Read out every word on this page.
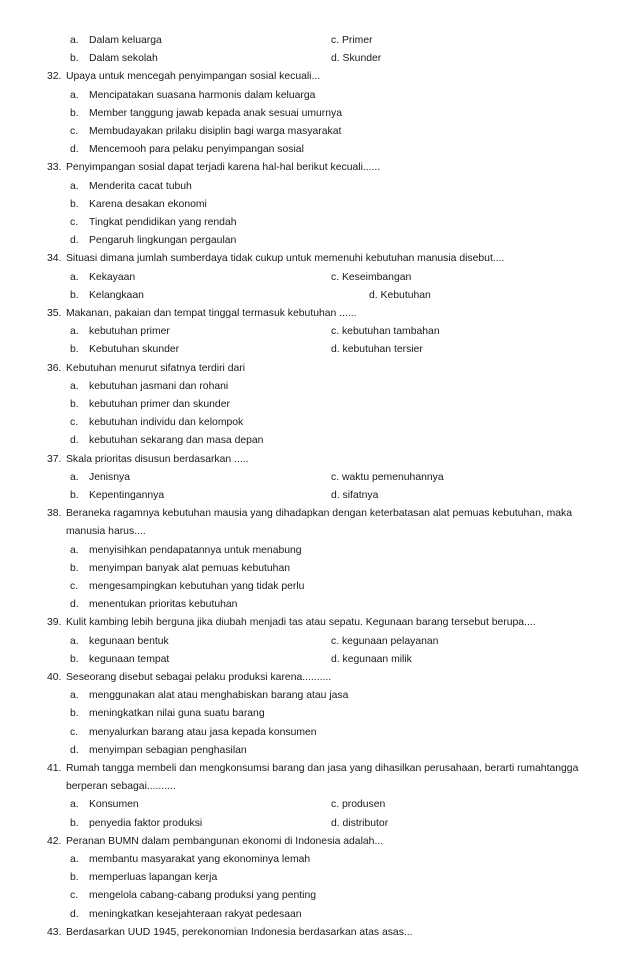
a. Dalam keluarga	c. Primer
b. Dalam sekolah	d. Skunder
32. Upaya untuk mencegah penyimpangan sosial kecuali...
a. Mencipatakan suasana harmonis dalam keluarga
b. Member tanggung jawab kepada anak sesuai umurnya
c. Membudayakan prilaku disiplin bagi warga masyarakat
d. Mencemooh para pelaku penyimpangan sosial
33. Penyimpangan sosial dapat terjadi karena hal-hal berikut kecuali......
a. Menderita cacat tubuh
b. Karena desakan ekonomi
c. Tingkat pendidikan yang rendah
d. Pengaruh lingkungan pergaulan
34. Situasi dimana jumlah sumberdaya tidak cukup untuk memenuhi kebutuhan manusia disebut....
a. Kekayaan	c. Keseimbangan
b. Kelangkaan	d. Kebutuhan
35. Makanan, pakaian dan tempat tinggal termasuk kebutuhan ......
a. kebutuhan primer	c. kebutuhan tambahan
b. Kebutuhan skunder	d. kebutuhan tersier
36. Kebutuhan menurut sifatnya terdiri dari
a. kebutuhan jasmani dan rohani
b. kebutuhan primer dan skunder
c. kebutuhan individu dan kelompok
d. kebutuhan sekarang dan masa depan
37. Skala prioritas disusun berdasarkan .....
a. Jenisnya	c. waktu pemenuhannya
b. Kepentingannya	d. sifatnya
38. Beraneka ragamnya kebutuhan mausia yang dihadapkan dengan keterbatasan alat pemuas kebutuhan, maka
manusia harus....
a. menyisihkan pendapatannya untuk menabung
b. menyimpan banyak alat pemuas kebutuhan
c. mengesampingkan kebutuhan yang tidak perlu
d. menentukan prioritas kebutuhan
39. Kulit kambing lebih berguna jika diubah menjadi tas atau sepatu. Kegunaan barang tersebut berupa....
a. kegunaan bentuk	c. kegunaan pelayanan
b. kegunaan tempat	d. kegunaan milik
40. Seseorang disebut sebagai pelaku produksi karena..........
a. menggunakan alat atau menghabiskan barang atau jasa
b. meningkatkan nilai guna suatu barang
c. menyalurkan barang atau jasa kepada konsumen
d. menyimpan sebagian penghasilan
41. Rumah tangga membeli dan mengkonsumsi barang dan jasa yang dihasilkan perusahaan, berarti rumahtangga
berperan sebagai..........
a. Konsumen	c. produsen
b. penyedia faktor produksi	d. distributor
42. Peranan BUMN dalam pembangunan ekonomi di Indonesia adalah...
a. membantu masyarakat yang ekonominya lemah
b. memperluas lapangan kerja
c. mengelola cabang-cabang produksi yang penting
d. meningkatkan kesejahteraan rakyat pedesaan
43. Berdasarkan UUD 1945, perekonomian Indonesia berdasarkan atas asas...
